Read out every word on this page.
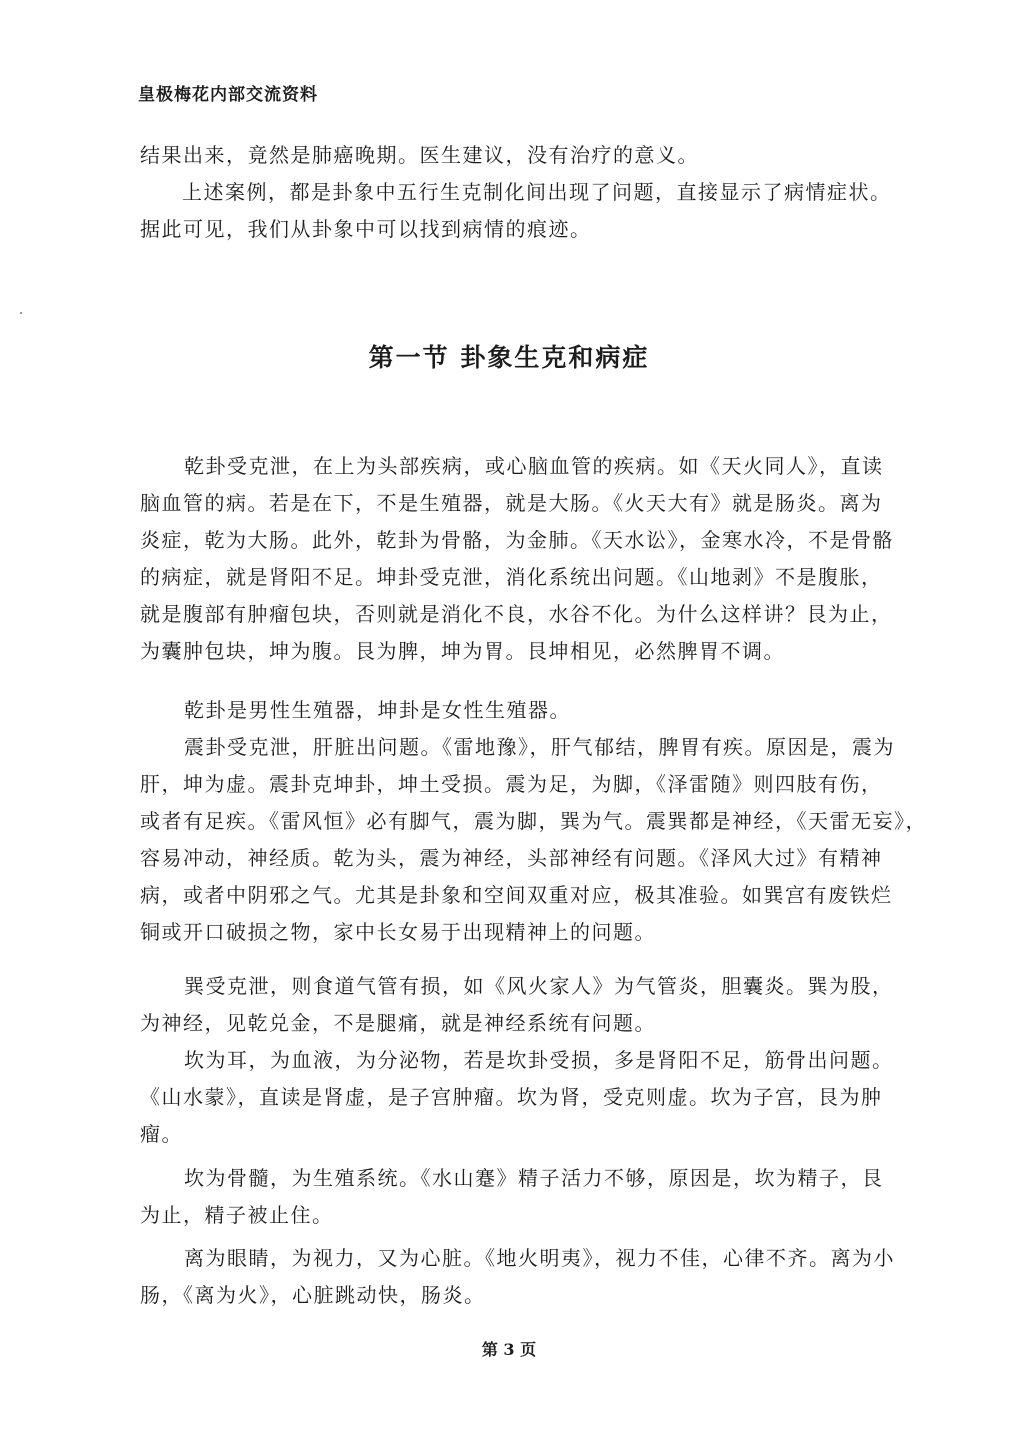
皇极梅花内部交流资料
结果出来，竟然是肺癌晚期。医生建议，没有治疗的意义。
上述案例，都是卦象中五行生克制化间出现了问题，直接显示了病情症状。
据此可见，我们从卦象中可以找到病情的痕迹。
第一节 卦象生克和病症
乾卦受克泄，在上为头部疾病，或心脑血管的疾病。如《天火同人》，直读
脑血管的病。若是在下，不是生殖器，就是大肠。《火天大有》就是肠炎。离为
炎症，乾为大肠。此外，乾卦为骨骼，为金肺。《天水讼》，金寒水冷，不是骨骼
的病症，就是肾阳不足。坤卦受克泄，消化系统出问题。《山地剥》不是腹胀，
就是腹部有肿瘤包块，否则就是消化不良，水谷不化。为什么这样讲？艮为止，
为囊肿包块，坤为腹。艮为脾，坤为胃。艮坤相见，必然脾胃不调。
乾卦是男性生殖器，坤卦是女性生殖器。
震卦受克泄，肝脏出问题。《雷地豫》，肝气郁结，脾胃有疾。原因是，震为
肝，坤为虚。震卦克坤卦，坤土受损。震为足，为脚，《泽雷随》则四肢有伤，
或者有足疾。《雷风恒》必有脚气，震为脚，巽为气。震巽都是神经，《天雷无妄》，
容易冲动，神经质。乾为头，震为神经，头部神经有问题。《泽风大过》有精神
病，或者中阴邪之气。尤其是卦象和空间双重对应，极其准验。如巽宫有废铁烂
铜或开口破损之物，家中长女易于出现精神上的问题。
巽受克泄，则食道气管有损，如《风火家人》为气管炎，胆囊炎。巽为股，
为神经，见乾兑金，不是腿痛，就是神经系统有问题。
坎为耳，为血液，为分泌物，若是坎卦受损，多是肾阳不足，筋骨出问题。
《山水蒙》，直读是肾虚，是子宫肿瘤。坎为肾，受克则虚。坎为子宫，艮为肿
瘤。
坎为骨髓，为生殖系统。《水山蹇》精子活力不够，原因是，坎为精子，艮
为止，精子被止住。
离为眼睛，为视力，又为心脏。《地火明夷》，视力不佳，心律不齐。离为小
肠，《离为火》，心脏跳动快，肠炎。
第 3 页
